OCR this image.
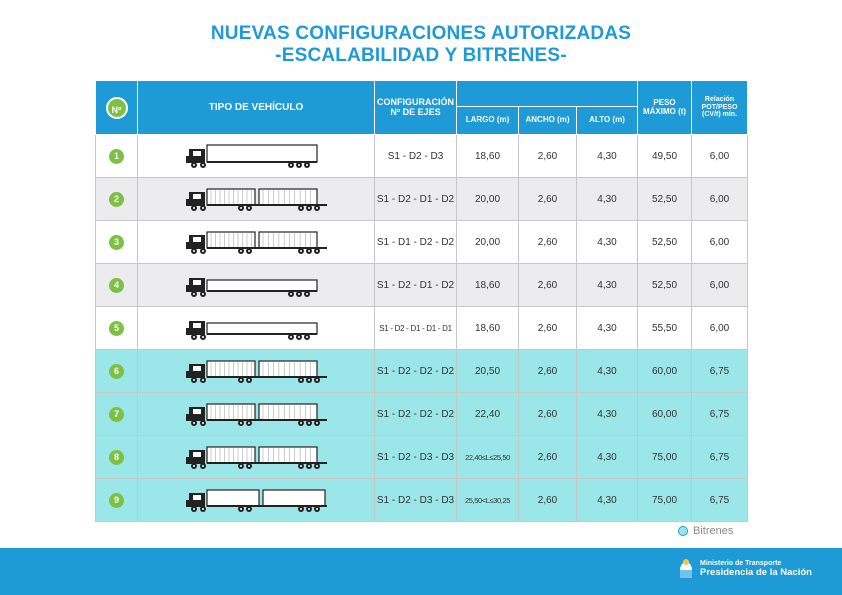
NUEVAS CONFIGURACIONES AUTORIZADAS
-ESCALABILIDAD Y BITRENES-
Nº	TIPO DE VEHÍCULO	CONFIGURACIÓN
Nº DE EJES				PESO MÁXIMO (t)	Relación POT/PESO (CV/t) mín.
			LARGO (m)	ANCHO (m)	ALTO (m)		
1		S1 - D2 - D3	18,60	2,60	4,30	49,50	6,00
2		S1 - D2 - D1 - D2	20,00	2,60	4,30	52,50	6,00
3		S1 - D1 - D2 - D2	20,00	2,60	4,30	52,50	6,00
4		S1 - D2 - D1 - D2	18,60	2,60	4,30	52,50	6,00
5		S1 - D2 - D1 - D1 - D1	18,60	2,60	4,30	55,50	6,00
6		S1 - D2 - D2 - D2	20,50	2,60	4,30	60,00	6,75
7		S1 - D2 - D2 - D2	22,40	2,60	4,30	60,00	6,75
8		S1 - D2 - D3 - D3	22,40≤L≤25,50	2,60	4,30	75,00	6,75
9		S1 - D2 - D3 - D3	25,50<L≤30,25	2,60	4,30	75,00	6,75
Bitrenes
Ministerio de Transporte
Presidencia de la Nación
